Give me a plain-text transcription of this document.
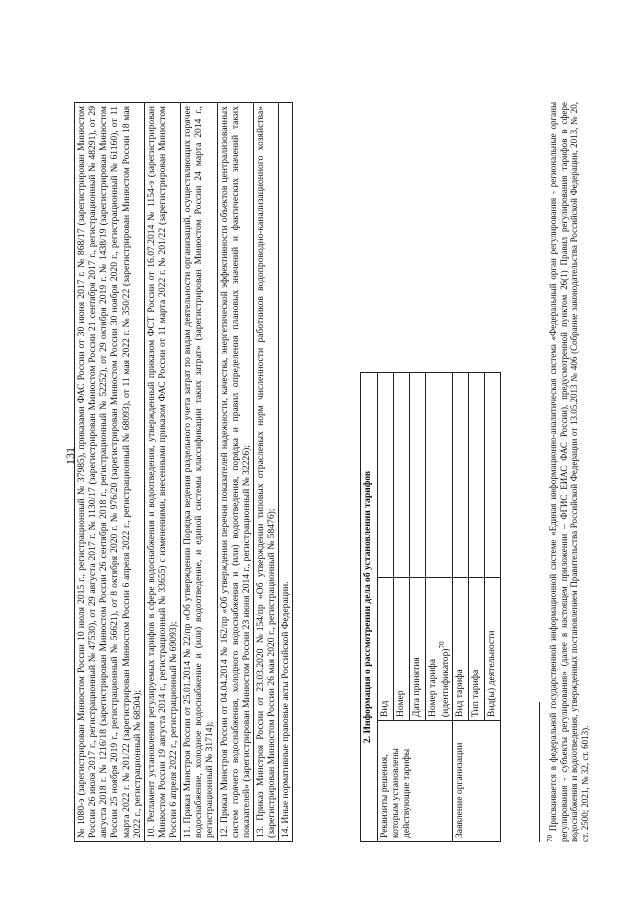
131 № 1080-э (зарегистрирован Минюстом России 10 июля 2015 г., регистрационный № 37985), приказами ФАС России от 30 июня 2017 г. № 868/17 (зарегистрирован Минюстом России 26 июля 2017 г., регистрационный № 47530), от 29 августа 2017 г. № 1130/17 (зарегистрирован Минюстом России 21 сентября 2017 г., регистрационный № 48291), от 29 августа 2018 г. № 1216/18 (зарегистрирован Минюстом России 26 сентября 2018 г., регистрационный № 52252), от 29 октября 2019 г. № 1438/19 (зарегистрирован Минюстом России 25 ноября 2019 г., регистрационный № 56621), от 8 октября 2020 г. № 976/20 (зарегистрирован Минюстом России 30 ноября 2020 г., регистрационный № 61160), от 11 марта 2022 г. № 201/22 (зарегистрирован Минюстом России 6 апреля 2022 г., регистрационный № 68093), от 11 мая 2022 г. № 350/22 (зарегистрирован Минюстом России 18 мая 2022 г., регистрационный № 68504);
10. Регламент установления регулируемых тарифов в сфере водоснабжения и водоотведения, утвержденный приказом ФСТ России от 16.07.2014 № 1154-э (зарегистрирован Минюстом России 19 августа 2014 г., регистрационный № 33655) с изменениями, внесенными приказом ФАС России от 11 марта 2022 г. № 201/22 (зарегистрирован Минюстом России 6 апреля 2022 г., регистрационный № 69093);
11. Приказ Минстроя России от 25.01.2014 № 22/пр «Об утверждении Порядка ведения раздельного учета затрат по видам деятельности организаций, осуществляющих горячее водоснабжение, холодное водоснабжение и (или) водоотведение, и единой системы классификации таких затрат» (зарегистрирован Минюстом России 24 марта 2014 г., регистрационный № 31714);
12. Приказ Минстроя России от 04.04.2014 № 162/пр «Об утверждении перечня показателей надежности, качества, энергетической эффективности объектов централизованных систем горячего водоснабжения, холодного водоснабжения и (или) водоотведения, порядка и правил определения плановых значений и фактических значений таких показателей» (зарегистрирован Минюстом России 23 июня 2014 г., регистрационный № 32226);
13. Приказ Минстроя России от 23.03.2020 №154/пр «Об утверждении типовых отраслевых норм численности работников водопроводно-канализационного хозяйства» (зарегистрирован Минюстом России 26 мая 2020 г., регистрационный № 58476);
14. Иные нормативные правовые акты Российской Федерации.	2. Информация о рассмотрении дела об установлении тарифов		
Реквизиты решения, которым установлены действующие тарифы	Вид	
	Номер	
	Дата принятия	
	Номер тарифа (идентификатор)$^{70}$	
Заявление организации	Вид тарифа	
	Тип тарифа	
	Вид(ы) деятельности	
$^{70}$ Присваивается в федеральной государственной информационной системе «Единая информационно-аналитическая система «Федеральный орган регулирования - региональные органы регулирования - субъекты регулирования» (далее в настоящем приложении – ФГИС ЕИАС ФАС России), предусмотренной пунктом 26(1) Правил регулирования тарифов в сфере водоснабжения и водоотведения, утвержденных постановлением Правительства Российской Федерации от 13.05.2013 № 406 (Собрание законодательства Российской Федерации, 2013, № 20, ст. 2500; 2021, № 32, ст. 6013).
